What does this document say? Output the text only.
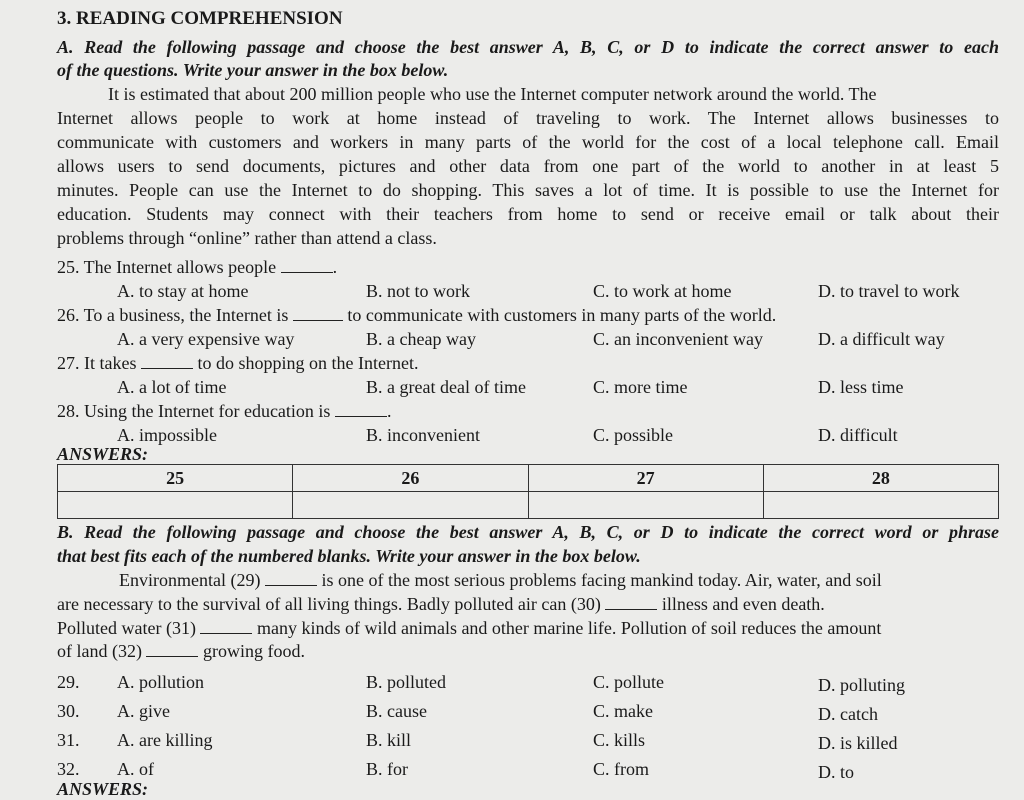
3. READING COMPREHENSION
A. Read the following passage and choose the best answer A, B, C, or D to indicate the correct answer to each
of the questions. Write your answer in the box below.
It is estimated that about 200 million people who use the Internet computer network around the world. The
Internet allows people to work at home instead of traveling to work. The Internet allows businesses to
communicate with customers and workers in many parts of the world for the cost of a local telephone call. Email
allows users to send documents, pictures and other data from one part of the world to another in at least 5
minutes. People can use the Internet to do shopping. This saves a lot of time. It is possible to use the Internet for
education. Students may connect with their teachers from home to send or receive email or talk about their
problems through “online” rather than attend a class.
25. The Internet allows people	.
A. to stay at home	B. not to work	C. to work at home	D. to travel to work
26. To a business, the Internet is	to communicate with customers in many parts of the world.
A. a very expensive way	B. a cheap way	C. an inconvenient way	D. a difficult way
27. It takes	to do shopping on the Internet.
A. a lot of time	B. a great deal of time	C. more time	D. less time
28. Using the Internet for education is	.
A. impossible	B. inconvenient	C. possible	D. difficult
ANSWERS:
25	26	27	28

B. Read the following passage and choose the best answer A, B, C, or D to indicate the correct word or phrase
that best fits each of the numbered blanks. Write your answer in the box below.
Environmental (29)	is one of the most serious problems facing mankind today. Air, water, and soil
are necessary to the survival of all living things. Badly polluted air can (30)	illness and even death.
Polluted water (31)	many kinds of wild animals and other marine life. Pollution of soil reduces the amount
of land (32)	growing food.
29. A. pollution	B. polluted	C. pollute	D. polluting
30. A. give	B. cause	C. make	D. catch
31. A. are killing	B. kill	C. kills	D. is killed
32. A. of	B. for	C. from	D. to
ANSWERS:
